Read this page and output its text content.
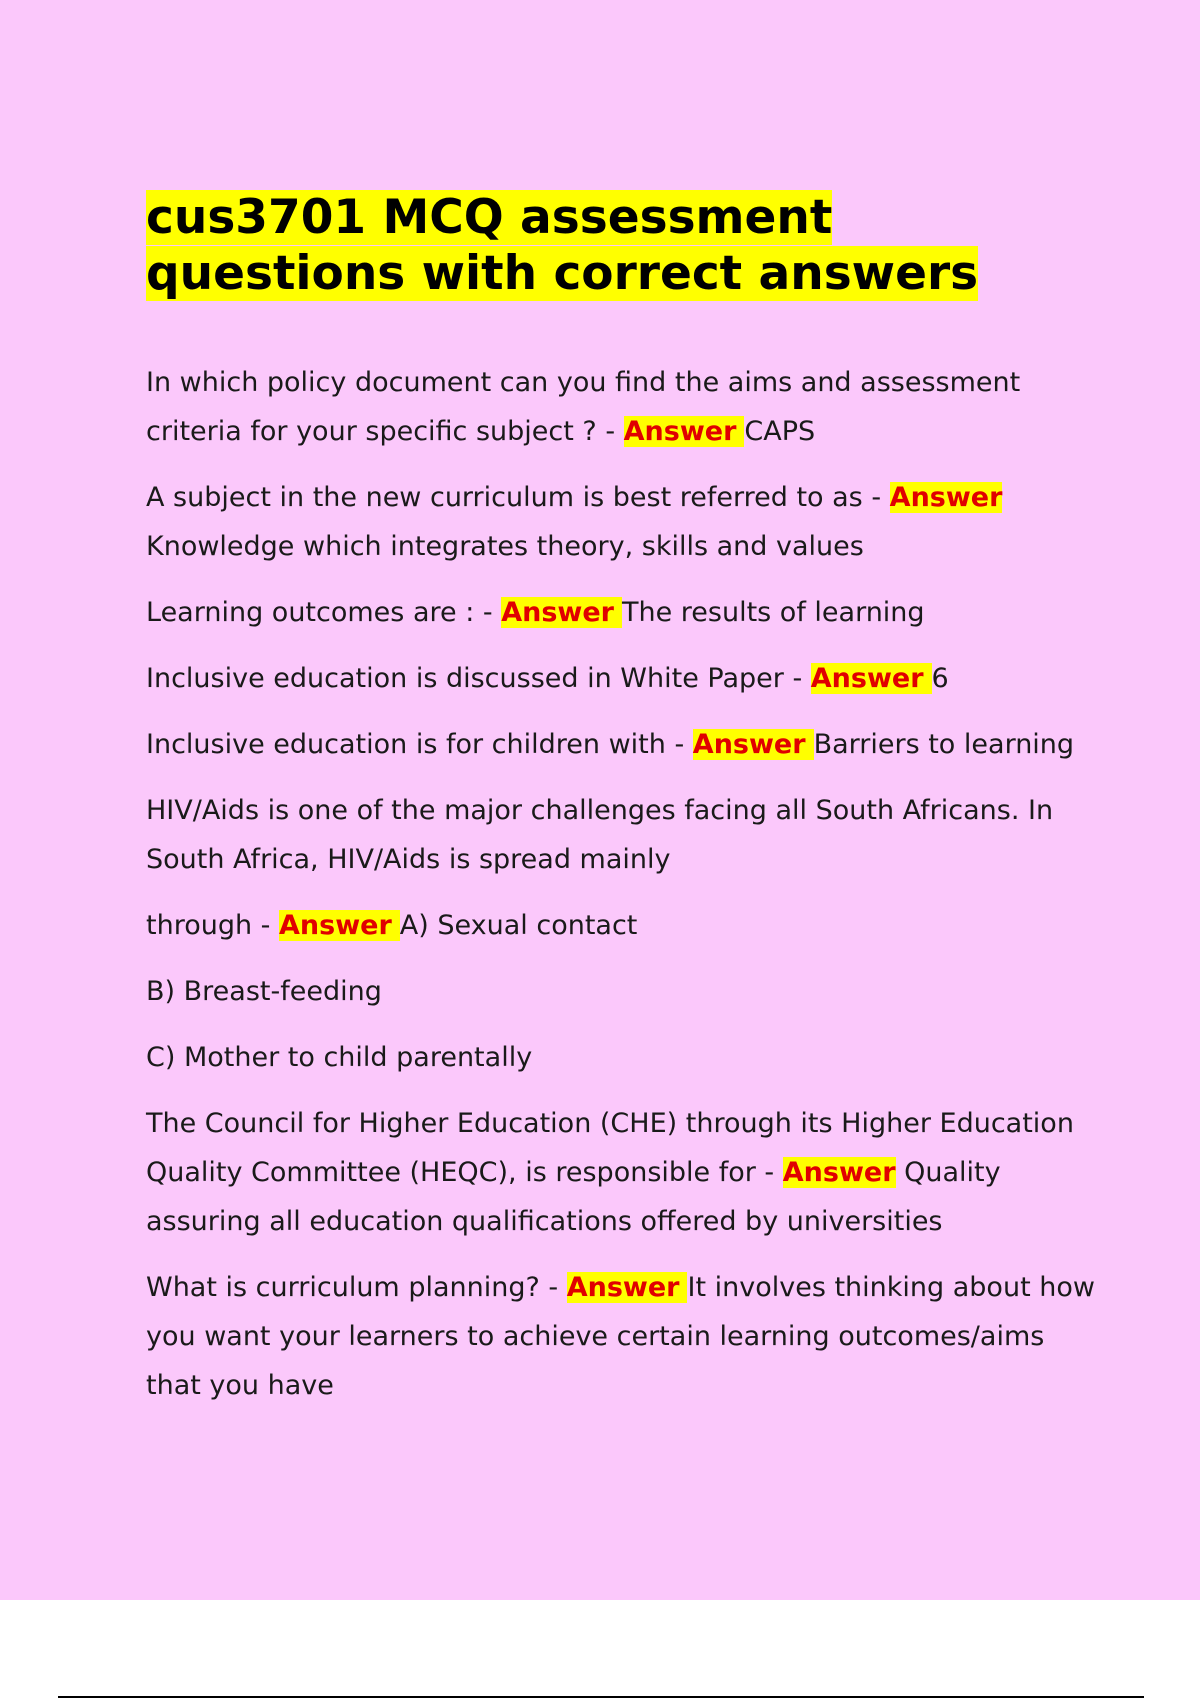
cus3701 MCQ assessment questions with correct answers

In which policy document can you find the aims and assessment criteria for your specific subject ? - Answer CAPS

A subject in the new curriculum is best referred to as - Answer Knowledge which integrates theory, skills and values

Learning outcomes are : - Answer The results of learning

Inclusive education is discussed in White Paper - Answer 6

Inclusive education is for children with - Answer Barriers to learning

HIV/Aids is one of the major challenges facing all South Africans. In South Africa, HIV/Aids is spread mainly

through - Answer A) Sexual contact

B) Breast-feeding

C) Mother to child parentally

The Council for Higher Education (CHE) through its Higher Education Quality Committee (HEQC), is responsible for - Answer Quality assuring all education qualifications offered by universities

What is curriculum planning? - Answer It involves thinking about how you want your learners to achieve certain learning outcomes/aims that you have
